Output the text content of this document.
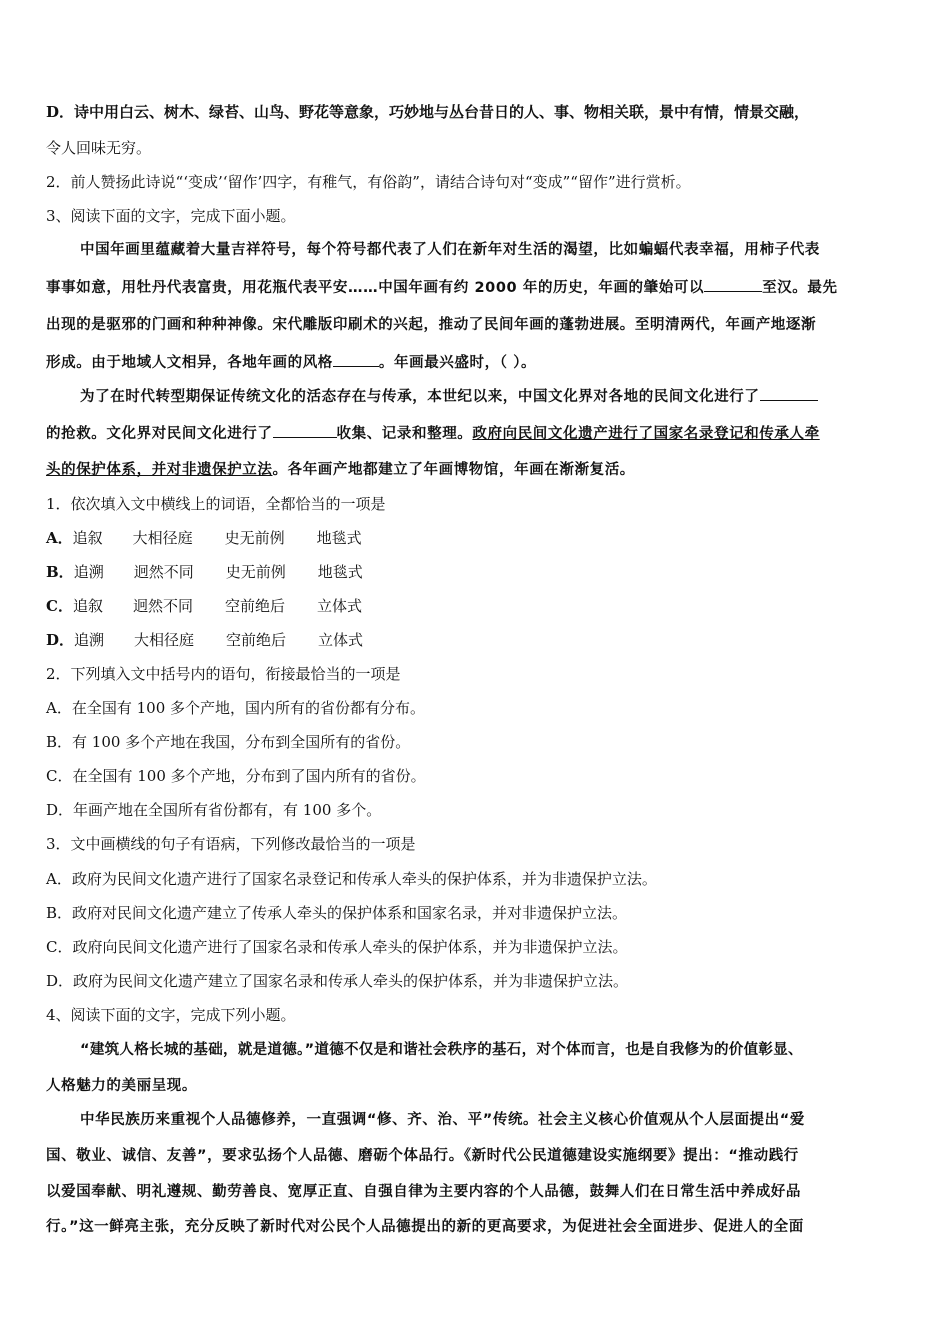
D．诗中用白云、树木、绿苔、山鸟、野花等意象，巧妙地与丛台昔日的人、事、物相关联，景中有情，情景交融，
令人回味无穷。
2．前人赞扬此诗说“‘变成’‘留作’四字，有稚气，有俗韵”，请结合诗句对“变成”“留作”进行赏析。
3、阅读下面的文字，完成下面小题。
中国年画里蕴藏着大量吉祥符号，每个符号都代表了人们在新年对生活的渴望，比如蝙蝠代表幸福，用柿子代表
事事如意，用牡丹代表富贵，用花瓶代表平安……中国年画有约 2000 年的历史，年画的肇始可以	至汉。最先
出现的是驱邪的门画和种种神像。宋代雕版印刷术的兴起，推动了民间年画的蓬勃进展。至明清两代，年画产地逐渐
形成。由于地域人文相异，各地年画的风格	。年画最兴盛时，（ ）。
为了在时代转型期保证传统文化的活态存在与传承，本世纪以来，中国文化界对各地的民间文化进行了
的抢救。文化界对民间文化进行了	收集、记录和整理。政府向民间文化遗产进行了国家名录登记和传承人牵
头的保护体系，并对非遗保护立法。各年画产地都建立了年画博物馆，年画在渐渐复活。
1．依次填入文中横线上的词语，全都恰当的一项是
A．追叙 大相径庭 史无前例 地毯式
B．追溯 迥然不同 史无前例 地毯式
C．追叙 迥然不同 空前绝后 立体式
D．追溯 大相径庭 空前绝后 立体式
2．下列填入文中括号内的语句，衔接最恰当的一项是
A．在全国有 100 多个产地，国内所有的省份都有分布。
B．有 100 多个产地在我国，分布到全国所有的省份。
C．在全国有 100 多个产地，分布到了国内所有的省份。
D．年画产地在全国所有省份都有，有 100 多个。
3．文中画横线的句子有语病，下列修改最恰当的一项是
A．政府为民间文化遗产进行了国家名录登记和传承人牵头的保护体系，并为非遗保护立法。
B．政府对民间文化遗产建立了传承人牵头的保护体系和国家名录，并对非遗保护立法。
C．政府向民间文化遗产进行了国家名录和传承人牵头的保护体系，并为非遗保护立法。
D．政府为民间文化遗产建立了国家名录和传承人牵头的保护体系，并为非遗保护立法。
4、阅读下面的文字，完成下列小题。
“建筑人格长城的基础，就是道德。”道德不仅是和谐社会秩序的基石，对个体而言，也是自我修为的价值彰显、
人格魅力的美丽呈现。
中华民族历来重视个人品德修养，一直强调“修、齐、治、平”传统。社会主义核心价值观从个人层面提出“爱
国、敬业、诚信、友善”，要求弘扬个人品德、磨砺个体品行。《新时代公民道德建设实施纲要》提出：“推动践行
以爱国奉献、明礼遵规、勤劳善良、宽厚正直、自强自律为主要内容的个人品德，鼓舞人们在日常生活中养成好品
行。”这一鲜亮主张，充分反映了新时代对公民个人品德提出的新的更高要求，为促进社会全面进步、促进人的全面
